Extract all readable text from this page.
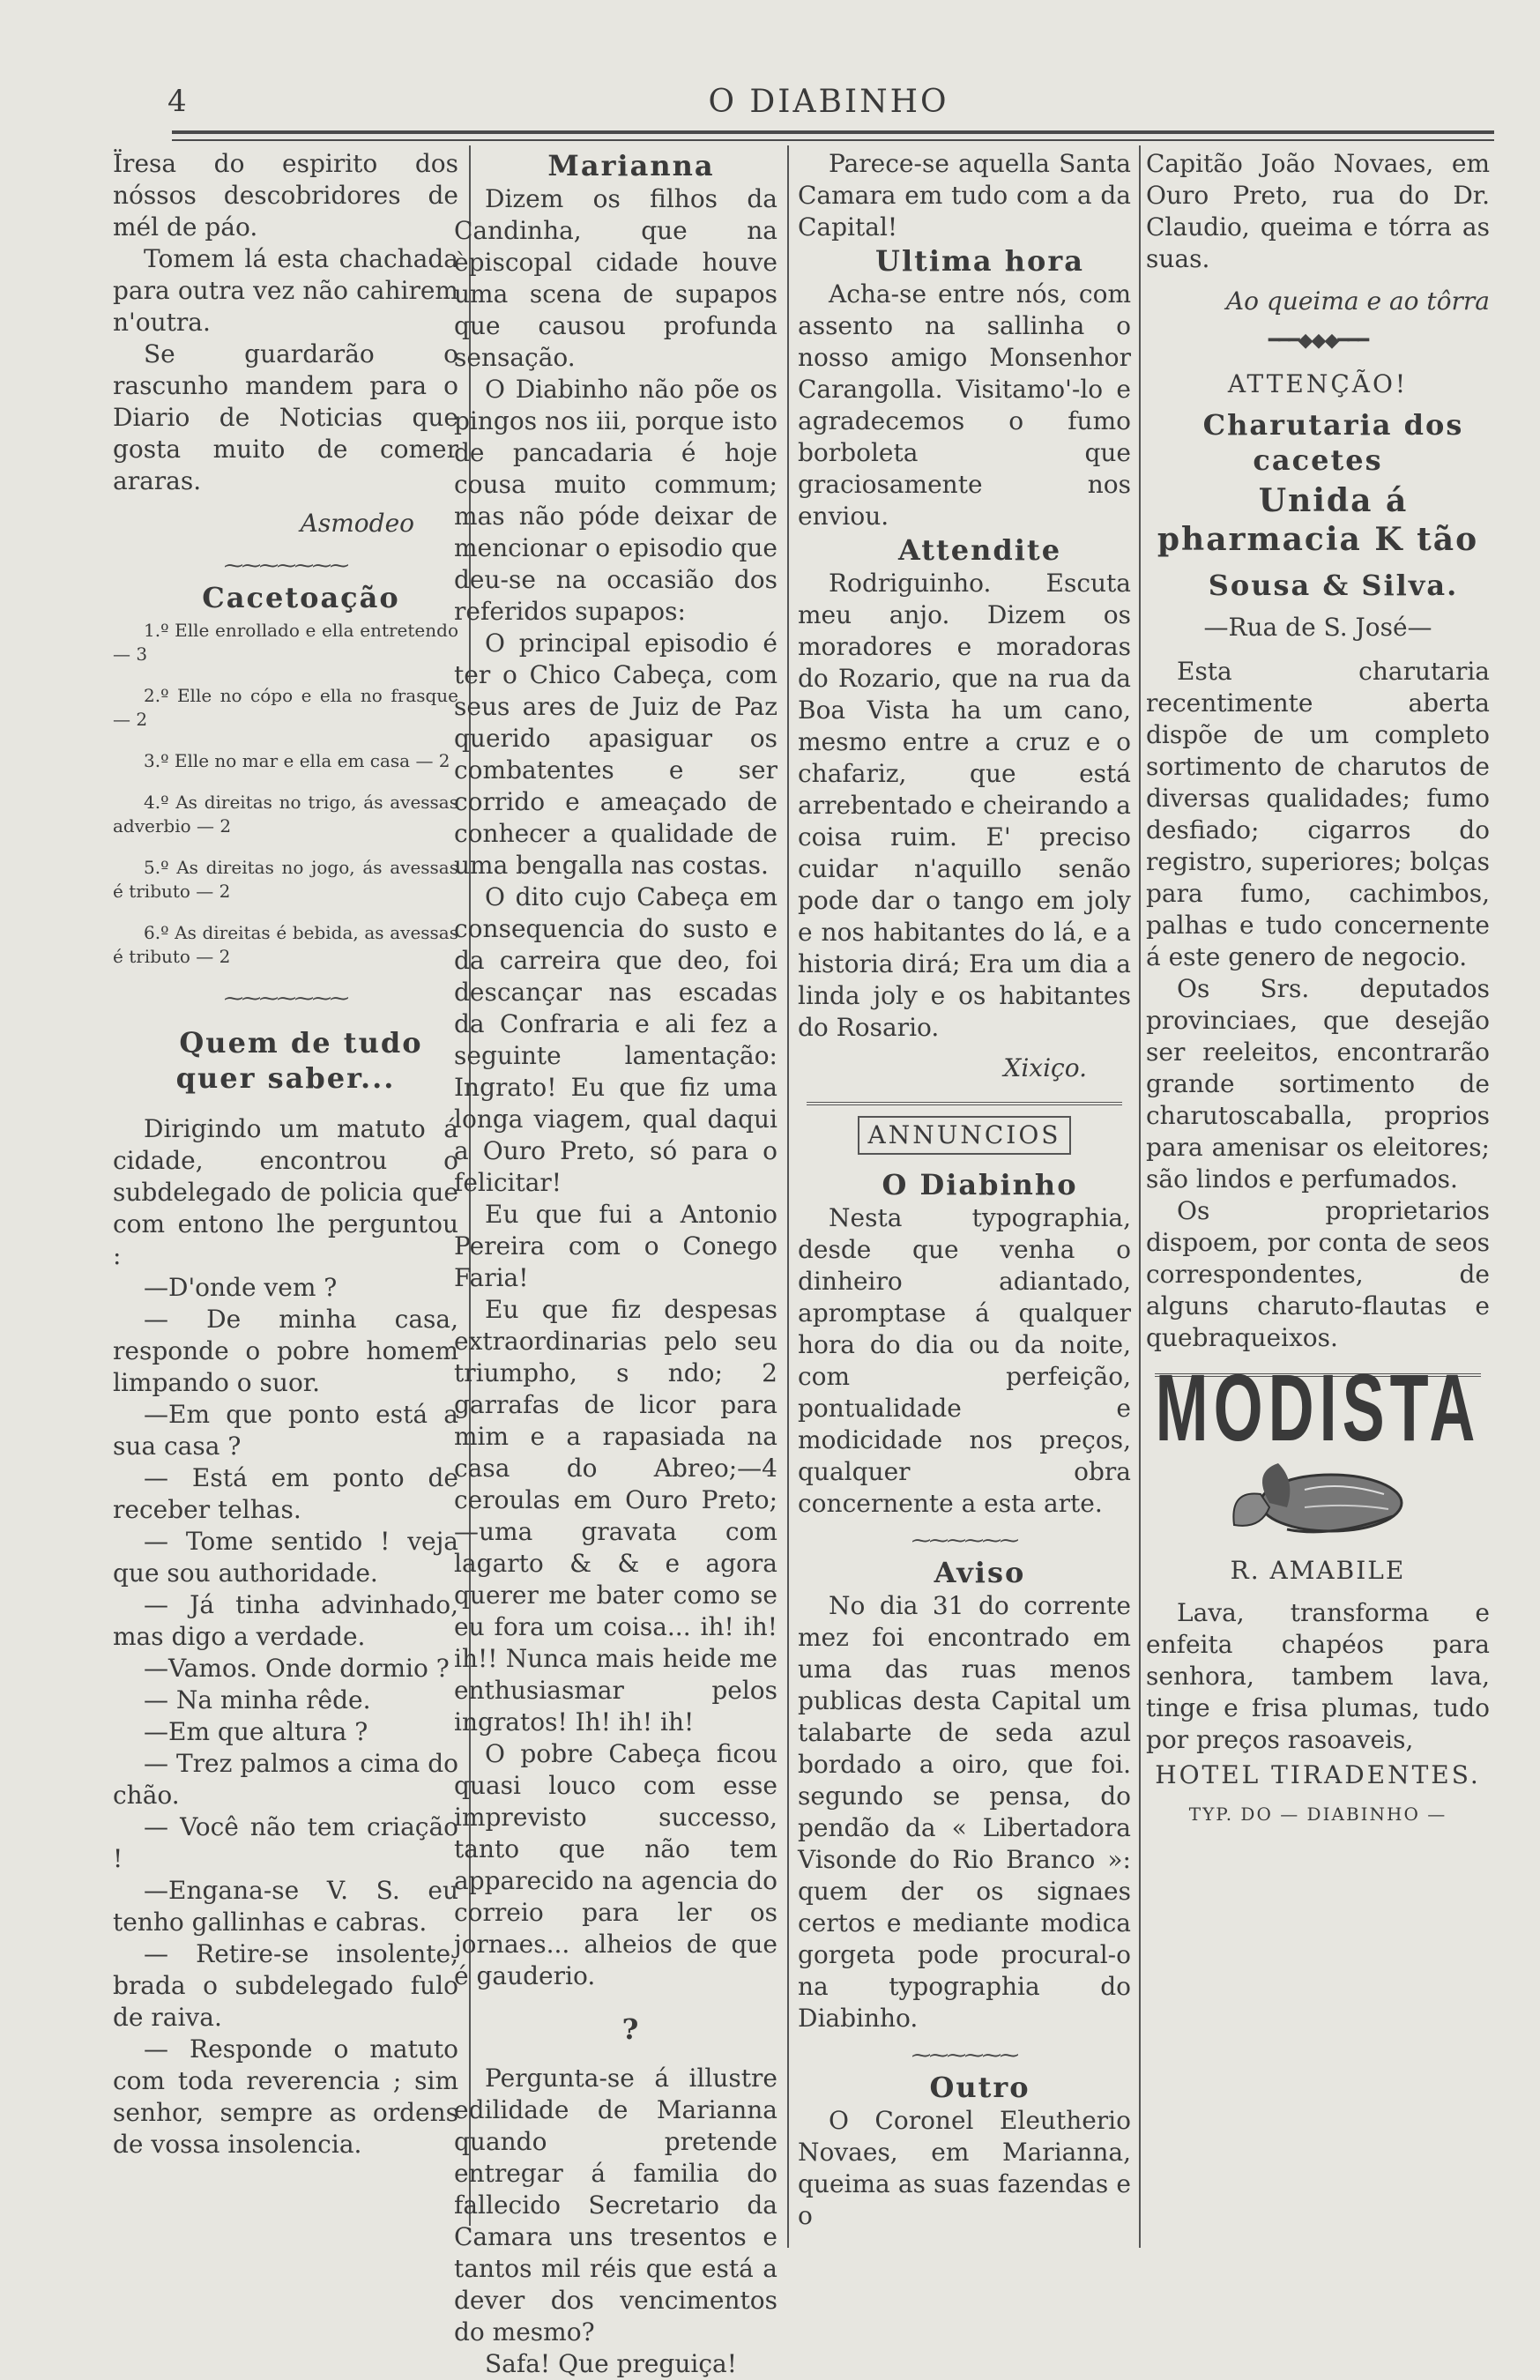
4	O DIABINHO

Ïresa do espirito dos nóssos descobridores de mél de páo.

Tomem lá esta chachada para outra vez não cahirem n'outra.

Se guardarão o rascunho mandem para o Diario de Noticias que gosta muito de comer araras.

Asmodeo

⁓⁓⁓⁓⁓⁓⁓

Cacetoação

1.º Elle enrollado e ella entretendo — 3

2.º Elle no cópo e ella no frasque — 2

3.º Elle no mar e ella em casa — 2

4.º As direitas no trigo, ás avessas adverbio — 2

5.º As direitas no jogo, ás avessas é tributo — 2

6.º As direitas é bebida, as avessas é tributo — 2

⁓⁓⁓⁓⁓⁓⁓

Quem de tudo quer saber...

Dirigindo um matuto á cidade, encontrou o subdelegado de policia que com entono lhe perguntou :

—D'onde vem ?

— De minha casa, responde o pobre homem limpando o suor.

—Em que ponto está a sua casa ?

— Está em ponto de receber telhas.

— Tome sentido ! veja que sou authoridade.

— Já tinha advinhado, mas digo a verdade.

—Vamos. Onde dormio ?

— Na minha rêde.

—Em que altura ?

— Trez palmos a cima do chão.

— Você não tem criação !

—Engana-se V. S. eu tenho gallinhas e cabras.

— Retire-se insolente, brada o subdelegado fulo de raiva.

— Responde o matuto com toda reverencia ; sim senhor, sempre as ordens de vossa insolencia.

Marianna

Dizem os filhos da Candinha, que na èpiscopal cidade houve uma scena de supapos que causou profunda sensação.

O Diabinho não põe os pingos nos iii, porque isto de pancadaria é hoje cousa muito commum; mas não póde deixar de mencionar o episodio que deu-se na occasião dos referidos supapos:

O principal episodio é ter o Chico Cabeça, com seus ares de Juiz de Paz querido apasiguar os combatentes e ser corrido e ameaçado de conhecer a qualidade de uma bengalla nas costas.

O dito cujo Cabeça em consequencia do susto e da carreira que deo, foi descançar nas escadas da Confraria e ali fez a seguinte lamentação: Ingrato! Eu que fiz uma longa viagem, qual daqui a Ouro Preto, só para o felicitar!

Eu que fui a Antonio Pereira com o Conego Faria!

Eu que fiz despesas extraordinarias pelo seu triumpho, s ndo; 2 garrafas de licor para mim e a rapasiada na casa do Abreo;—4 ceroulas em Ouro Preto;—uma gravata com lagarto & & e agora querer me bater como se eu fora um coisa... ih! ih! ih!! Nunca mais heide me enthusiasmar pelos ingratos! Ih! ih! ih!

O pobre Cabeça ficou quasi louco com esse imprevisto successo, tanto que não tem apparecido na agencia do correio para ler os jornaes... alheios de que é gauderio.

?

Pergunta-se á illustre edilidade de Marianna quando pretende entregar á familia do fallecido Secretario da Camara uns tresentos e tantos mil réis que está a dever dos vencimentos do mesmo?

Safa! Que preguiça!

Parece-se aquella Santa Camara em tudo com a da Capital!

Ultima hora

Acha-se entre nós, com assento na sallinha o nosso amigo Monsenhor Carangolla. Visitamo'-lo e agradecemos o fumo borboleta que graciosamente nos enviou.

Attendite

Rodriguinho. Escuta meu anjo. Dizem os moradores e moradoras do Rozario, que na rua da Boa Vista ha um cano, mesmo entre a cruz e o chafariz, que está arrebentado e cheirando a coisa ruim. E' preciso cuidar n'aquillo senão pode dar o tango em joly e nos habitantes do lá, e a historia dirá; Era um dia a linda joly e os habitantes do Rosario.

Xixiço.

ANNUNCIOS

O Diabinho

Nesta typographia, desde que venha o dinheiro adiantado, apromptase á qualquer hora do dia ou da noite, com perfeição, pontualidade e modicidade nos preços, qualquer obra concernente a esta arte.

⁓⁓⁓⁓⁓⁓

Aviso

No dia 31 do corrente mez foi encontrado em uma das ruas menos publicas desta Capital um talabarte de seda azul bordado a oiro, que foi. segundo se pensa, do pendão da « Libertadora Visonde do Rio Branco »: quem der os signaes certos e mediante modica gorgeta pode procural-o na typographia do Diabinho.

⁓⁓⁓⁓⁓⁓

Outro

O Coronel Eleutherio Novaes, em Marianna, queima as suas fazendas e o

Capitão João Novaes, em Ouro Preto, rua do Dr. Claudio, queima e tórra as suas.

Ao queima e ao tôrra

━━━◆◆◆━━━

ATTENÇÃO!

Charutaria dos cacetes

Unida á pharmacia K tão

Sousa & Silva.

—Rua de S. José—

Esta charutaria recentimente aberta dispõe de um completo sortimento de charutos de diversas qualidades; fumo desfiado; cigarros do registro, superiores; bolças para fumo, cachimbos, palhas e tudo concernente á este genero de negocio.

Os Srs. deputados provinciaes, que desejão ser reeleitos, encontrarão grande sortimento de charutoscaballa, proprios para amenisar os eleitores; são lindos e perfumados.

Os proprietarios dispoem, por conta de seos correspondentes, de alguns charuto-flautas e quebraqueixos.

MODISTA

R. AMABILE

Lava, transforma e enfeita chapéos para senhora, tambem lava, tinge e frisa plumas, tudo por preços rasoaveis,

HOTEL TIRADENTES.

TYP. DO — DIABINHO —
